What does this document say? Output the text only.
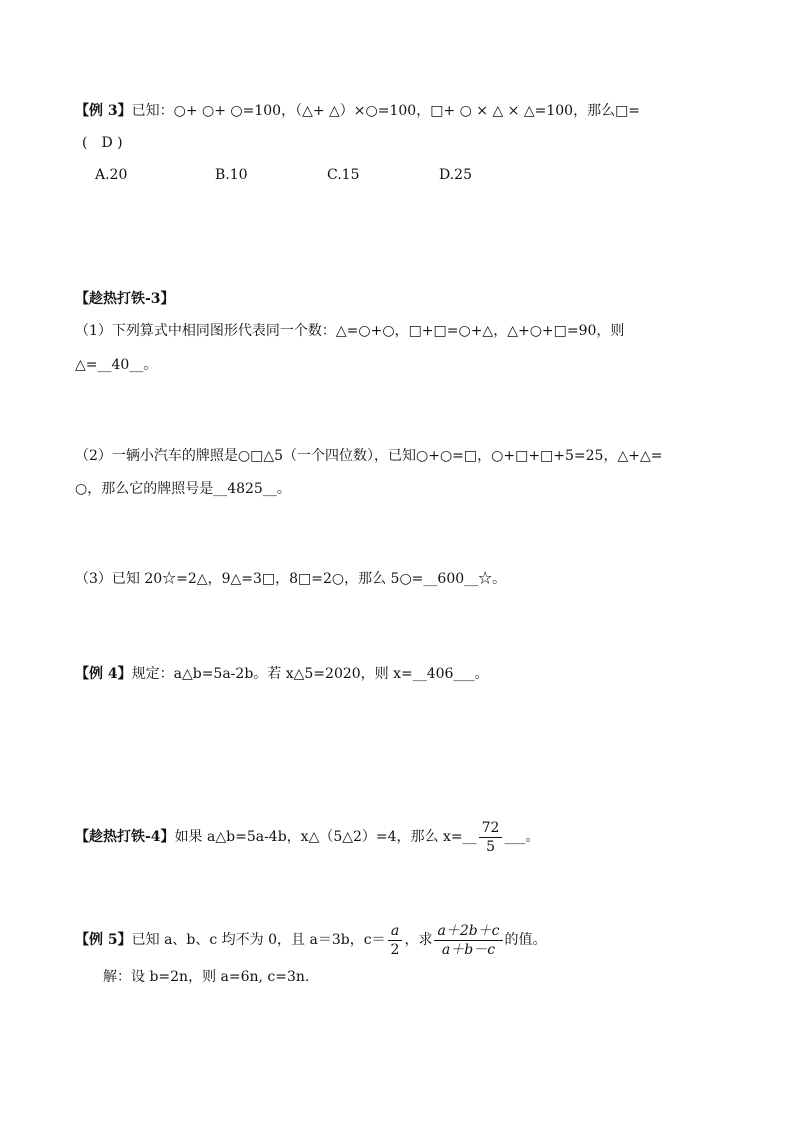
【例 3】已知：○+ ○+ ○=100，（△+ △）×○=100，□+ ○ × △ × △=100，那么□=
(　D )
A.20	B.10	C.15	D.25
【趁热打铁-3】
（1）下列算式中相同图形代表同一个数：△=○+○，□+□=○+△，△+○+□=90，则
△=__40__。
（2）一辆小汽车的牌照是○□△5（一个四位数），已知○+○=□，○+□+□+5=25，△+△=
○，那么它的牌照号是__4825__。
（3）已知 20☆=2△，9△=3□，8□=2○，那么 5○=__600__☆。
【例 4】规定：a△b=5a-2b。若 x△5=2020，则 x=__406___。
【趁热打铁-4】如果 a△b=5a-4b，x△（5△2）=4，那么 x=__ $\frac{72}{5}$ ___。
【例 5】已知 a、b、c 均不为 0，且 a＝3b，$c= \frac{a}{2}$ ，求 $\frac{a+2b+c}{a+b-c}$ 的值。
解：设 b=2n，则 a=6n, c=3n.
